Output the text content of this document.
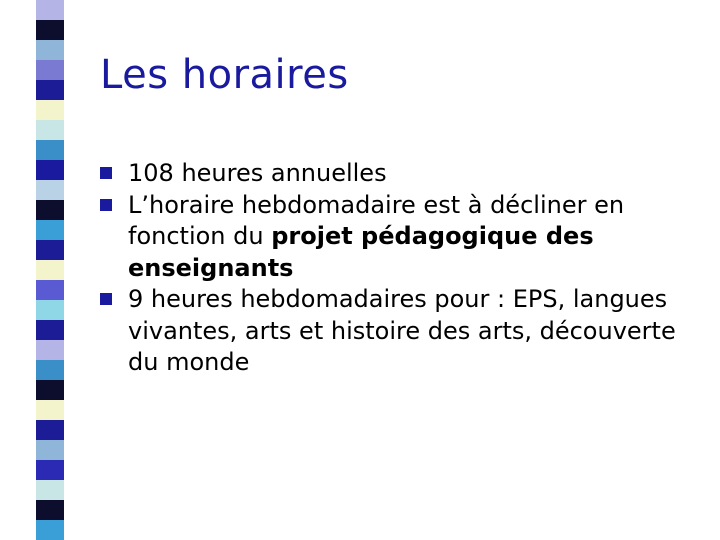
Les horaires
108 heures annuelles
L’horaire hebdomadaire est à décliner en fonction du projet pédagogique des enseignants
9 heures hebdomadaires pour : EPS, langues vivantes, arts et histoire des arts, découverte du monde
